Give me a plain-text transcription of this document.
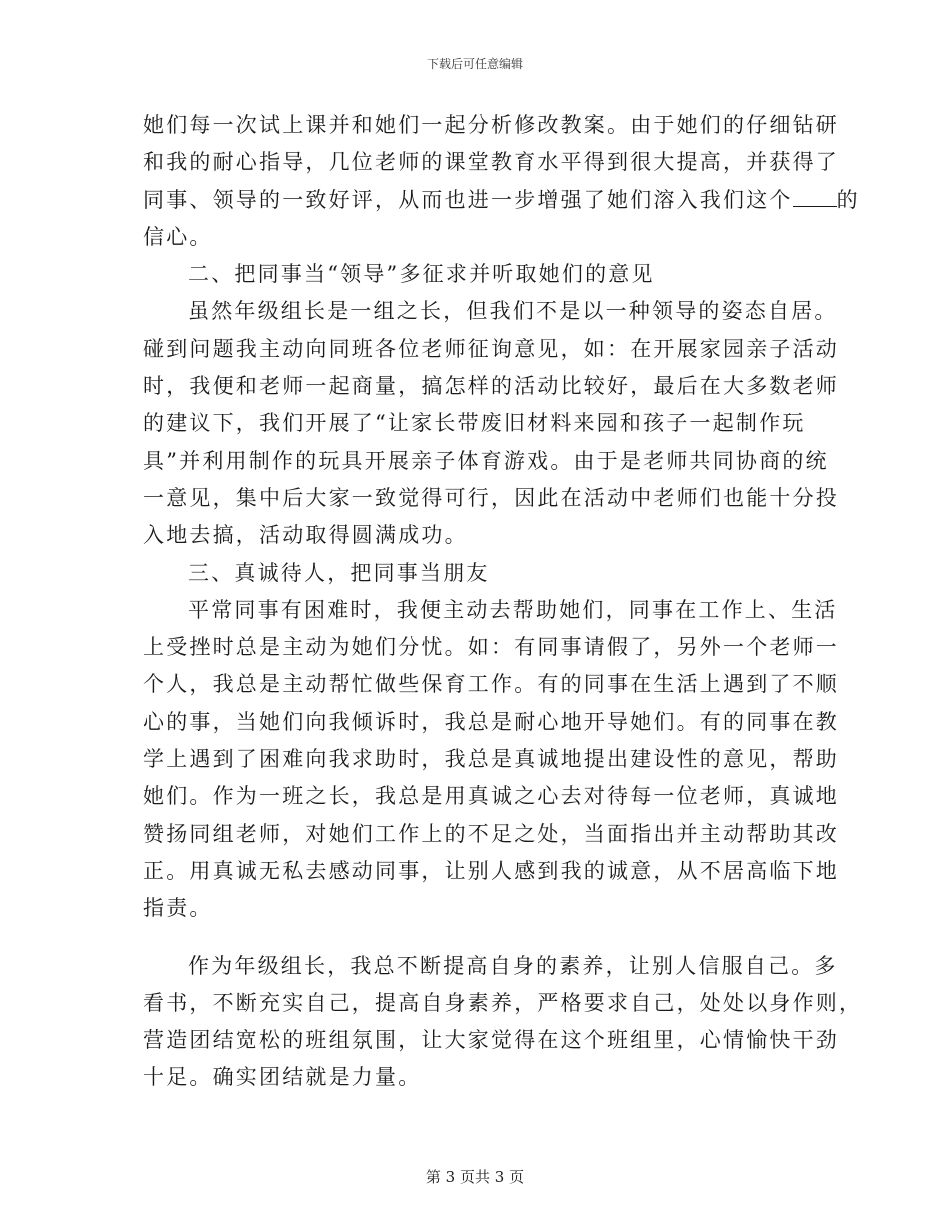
下载后可任意编辑
她们每一次试上课并和她们一起分析修改教案。由于她们的仔细钻研
和我的耐心指导，几位老师的课堂教育水平得到很大提高，并获得了
同事、领导的一致好评，从而也进一步增强了她们溶入我们这个 的
信心。
二、把同事当“领导”多征求并听取她们的意见
虽然年级组长是一组之长，但我们不是以一种领导的姿态自居。
碰到问题我主动向同班各位老师征询意见，如：在开展家园亲子活动
时，我便和老师一起商量，搞怎样的活动比较好，最后在大多数老师
的建议下，我们开展了“让家长带废旧材料来园和孩子一起制作玩
具”并利用制作的玩具开展亲子体育游戏。由于是老师共同协商的统
一意见，集中后大家一致觉得可行，因此在活动中老师们也能十分投
入地去搞，活动取得圆满成功。
三、真诚待人，把同事当朋友
平常同事有困难时，我便主动去帮助她们，同事在工作上、生活
上受挫时总是主动为她们分忧。如：有同事请假了，另外一个老师一
个人，我总是主动帮忙做些保育工作。有的同事在生活上遇到了不顺
心的事，当她们向我倾诉时，我总是耐心地开导她们。有的同事在教
学上遇到了困难向我求助时，我总是真诚地提出建设性的意见，帮助
她们。作为一班之长，我总是用真诚之心去对待每一位老师，真诚地
赞扬同组老师，对她们工作上的不足之处，当面指出并主动帮助其改
正。用真诚无私去感动同事，让别人感到我的诚意，从不居高临下地
指责。
作为年级组长，我总不断提高自身的素养，让别人信服自己。多
看书，不断充实自己，提高自身素养，严格要求自己，处处以身作则，
营造团结宽松的班组氛围，让大家觉得在这个班组里，心情愉快干劲
十足。确实团结就是力量。
第 3 页共 3 页
